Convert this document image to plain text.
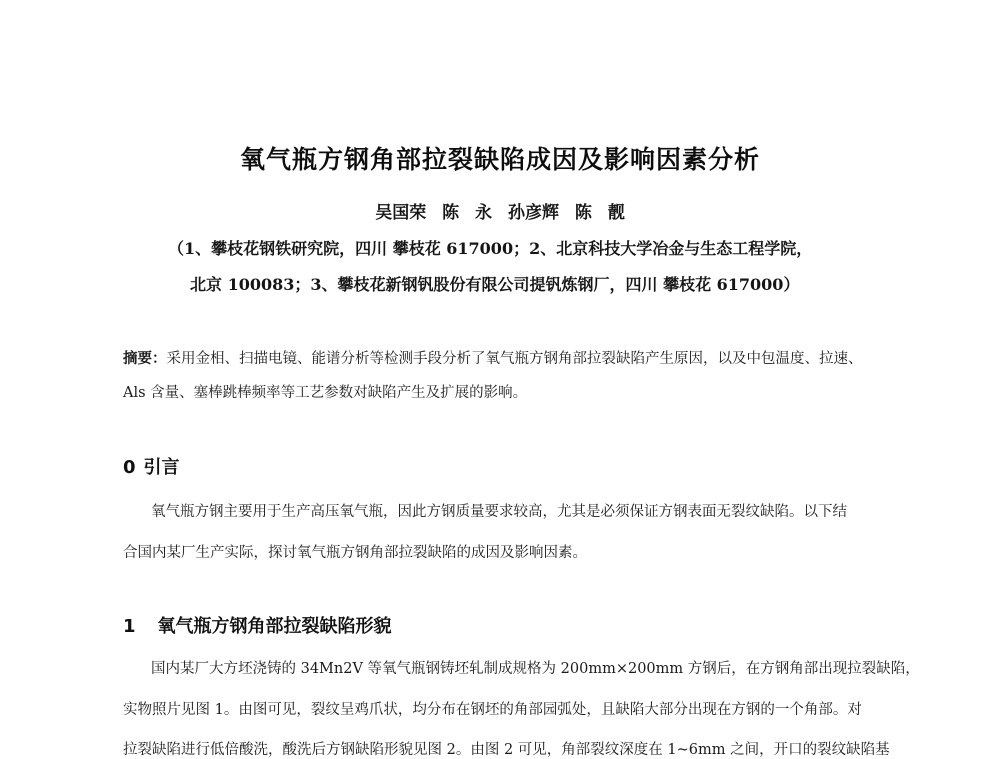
氧气瓶方钢角部拉裂缺陷成因及影响因素分析
吴国荣 陈 永 孙彦辉 陈 靓
（1、攀枝花钢铁研究院，四川 攀枝花 617000；2、北京科技大学冶金与生态工程学院，
北京 100083；3、攀枝花新钢钒股份有限公司提钒炼钢厂，四川 攀枝花 617000）
摘要：采用金相、扫描电镜、能谱分析等检测手段分析了氧气瓶方钢角部拉裂缺陷产生原因，以及中包温度、拉速、
Als 含量、塞棒跳棒频率等工艺参数对缺陷产生及扩展的影响。
0 引言
氧气瓶方钢主要用于生产高压氧气瓶，因此方钢质量要求较高，尤其是必须保证方钢表面无裂纹缺陷。以下结
合国内某厂生产实际，探讨氧气瓶方钢角部拉裂缺陷的成因及影响因素。
1 氧气瓶方钢角部拉裂缺陷形貌
国内某厂大方坯浇铸的 34Mn2V 等氧气瓶钢铸坯轧制成规格为 200mm×200mm 方钢后，在方钢角部出现拉裂缺陷，
实物照片见图 1。由图可见，裂纹呈鸡爪状，均分布在钢坯的角部园弧处，且缺陷大部分出现在方钢的一个角部。对
拉裂缺陷进行低倍酸洗，酸洗后方钢缺陷形貌见图 2。由图 2 可见，角部裂纹深度在 1~6mm 之间，开口的裂纹缺陷基
